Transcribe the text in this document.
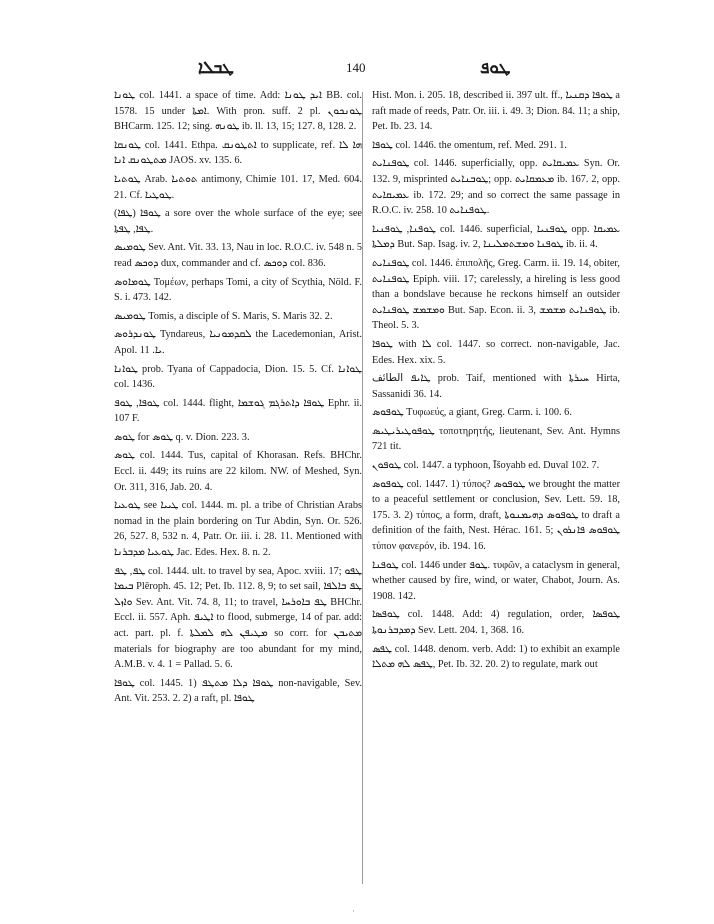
ܛܒܠܐ	140	ܛܘܦ

ܛܘܢܐ col. 1441. a space of time. Add: ܐܝܕ ܛܘܢܐ BB. col. 1578. 15 under ܐܡܬܐ. With pron. suff. 2 pl. ܛܘܢܟܘܢ BHCarm. 125. 12; sing. ܛܘܢܗ ib. ll. 13, 15; 127. 8, 128. 2.

ܛܘܢܩܐ col. 1441. Ethpa. ܐܬܛܘܢܩ to supplicate, ref. ܗܐ ܠܐ ܡܬܛܘܢܩ ܐܢܐ JAOS. xv. 135. 6.

ܛܘܬܝܐ Arab. ܬܘܬܝܐ antimony, Chimie 101. 17, Med. 604. 21. Cf. ܛܘܛܝܐ.

ܛܘܦܐ (ܛܦܐ) a sore over the whole surface of the eye; see ܛܦܐ, ܛܦܬܐ.

ܛܘܡܝܣ Sev. Ant. Vit. 33. 13, Nau in loc. R.O.C. iv. 548 n. 5 read ܕܘܟܣ dux, commander and cf. ܕܘܟܣ col. 836.

ܛܘܡܐܘܣ Τομέων, perhaps Tomi, a city of Scythia, Nöld. F. S. i. 473. 142.

ܛܘܡܝܣ Tomis, a disciple of S. Maris, S. Maris 32. 2.

ܛܘܢܕܪܘܣ Tyndareus, ܠܩܕܡܘܢܝܐ the Lacedemonian, Arist. Apol. ܝܐ. 11.

ܛܘܐܢܐ prob. Tyana of Cappadocia, Dion. 15. 5. Cf. ܛܘܐܢܐ col. 1436.

ܛܘܦܐ, ܛܘܦ col. 1444. flight, ܛܘܦܐ ܕܐܬܪܓܡ ܓܘܫܡܐ Ephr. ii. 107 F.

ܛܘܣ for ܛܘܣ q. v. Dion. 223. 3.

ܛܘܣ col. 1444. Tus, capital of Khorasan. Refs. BHChr. Eccl. ii. 449; its ruins are 22 kilom. NW. of Meshed, Syn. Or. 311, 316, Jab. 20. 4.

ܛܘܥܝܐ see ܛܝܝܐ col. 1444. m. pl. a tribe of Christian Arabs nomad in the plain bordering on Tur Abdin, Syn. Or. 526. 26, 527. 8, 532 n. 4, Patr. Or. iii. i. 28. 11. Mentioned with ܛܘܥܝܐ ܡܕܒܪܢܐ Jac. Edes. Hex. 8. n. 2.

ܛܦ, ܛܦ col. 1444. ult. to travel by sea, Apoc. xviii. 17; ܛܦܘ ܒܝܡܐ Plēroph. 45. 12; Pet. Ib. 112. 8, 9; to set sail, ܛܦ ܒܐܠܦܐ ܘܐܙܠ Sev. Ant. Vit. 74. 8, 11; to travel, ܛܦ ܒܐܘܪܚܐ BHChr. Eccl. ii. 557. Aph. ܐܛܝܦ to flood, submerge, 14 of par. add: act. part. pl. f. ܡܛܝܦܢ ܠܗ ܠܡܠܬܐ so corr. for ܡܬܝܒܢ materials for biography are too abundant for my mind, A.M.B. v. 4. 1 = Pallad. 5. 6.

ܛܘܦܐ col. 1445. 1) ܛܘܦܐ ܕܠܐ ܡܬܛܦ non-navigable, Sev. Ant. Vit. 253. 2. 2) a raft, pl. ܛܘܦܐ

Hist. Mon. i. 205. 18, described ii. 397 ult. ff., ܛܘܦܐ ܕܩܢܝܐ a raft made of reeds, Patr. Or. iii. i. 49. 3; Dion. 84. 11; a ship, Pet. Ib. 23. 14.

ܛܘܦܐ col. 1446. the omentum, ref. Med. 291. 1.

ܛܘܦܢܐܝܬ col. 1446. superficially, opp. ܥܡܝܩܐܝܬ Syn. Or. 132. 9, misprinted ܛܘܒܢܐܝܬ; opp. ܡܥܡܩܐܝܬ ib. 167. 2, opp. ܥܡܝܩܐܝܬ ib. 172. 29; and so correct the same passage in R.O.C. iv. 258. 10 ܛܘܦܢܐܝܬ.

ܛܘܦܢܐ, ܛܘܦܢܝܐ col. 1446. superficial, ܛܘܦܢܝܐ opp. ܥܡܝܩܐ ܕܡܠܬܐ But. Sap. Isag. iv. 2, ܛܘܦܢܐ ܘܡܫܬܡܠܝܢܐ ib. ii. 4.

ܛܘܦܢܐܝܬ col. 1446. ἐπιπολῆς, Greg. Carm. ii. 19. 14, obiter, ܛܘܦܢܐܝܬ Epiph. viii. 17; carelessly, a hireling is less good than a bondslave because he reckons himself an outsider ܘܡܫܡܫ ܛܘܦܢܐܝܬ But. Sap. Econ. ii. 3, ܛܘܦܢܐܝܬ ܡܫܡܫ ib. Theol. 5. 3.

ܛܘܦܐ with ܠܐ col. 1447. so correct. non-navigable, Jac. Edes. Hex. xix. 5.

ܛܐܝܦ الطائف prob. Taif, mentioned with ܚܝܪܬܐ Hirta, Sassanidi 36. 14.

ܛܘܦܘܣ Τυφωεύς, a giant, Greg. Carm. i. 100. 6.

ܛܘܦܘܛܝܪܝܛܝܣ τοποτηρητής, lieutenant, Sev. Ant. Hymns 721 tit.

ܛܘܦܘܢ col. 1447. a typhoon, Īšoyahb ed. Duval 102. 7.

ܛܘܦܘܣ col. 1447. 1) τύπος? ܛܘܦܘܣ we brought the matter to a peaceful settlement or conclusion, Sev. Lett. 59. 18, 175. 3. 2) τύπος, a form, draft, ܛܘܦܘܣ ܕܗܝܡܢܘܬܐ to draft a definition of the faith, Nest. Hérac. 161. 5; ܛܘܦܘܣ ܦܐܢܪܘܢ τύπον φανερόν, ib. 194. 16.

ܛܘܦܢܐ col. 1446 under ܛܘܦ. τυφῶν, a cataclysm in general, whether caused by fire, wind, or water, Chabot, Journ. As. 1908. 142.

ܛܘܦܣܐ col. 1448. Add: 4) regulation, order, ܛܘܦܣܐ ܕܡܕܒܪܢܘܬܐ Sev. Lett. 204. 1, 368. 16.

ܛܦܣ col. 1448. denom. verb. Add: 1) to exhibit an example ܛܦܣ ܠܗ ܡܬܠܐ, Pet. Ib. 32. 20. 2) to regulate, mark out

·
